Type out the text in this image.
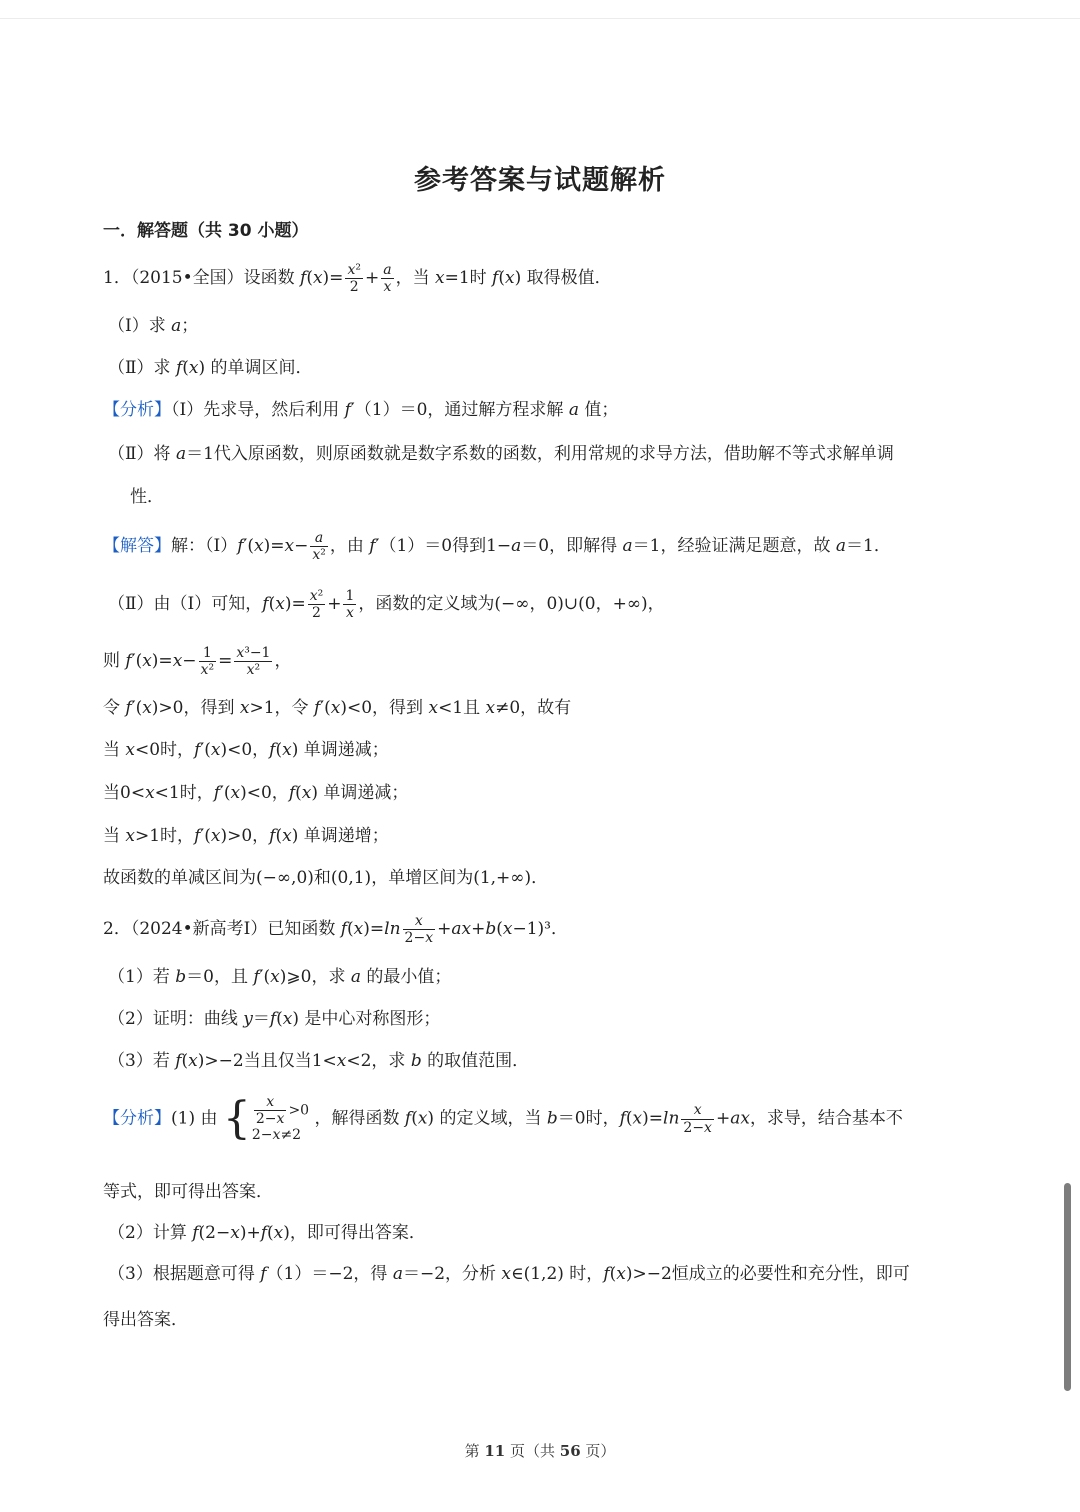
参考答案与试题解析
一．解答题（共 30 小题）
1．（2015•全国）设函数 $f(x)= \frac{\text{x²}}{2} + \frac{a}{x}$ ，当 x=1时 f(x) 取得极值．
（Ⅰ）求 a；
（Ⅱ）求 f(x) 的单调区间．
【分析】（Ⅰ）先求导，然后利用 f′（1）＝0，通过解方程求解 a 值；
（Ⅱ）将 a＝1代入原函数，则原函数就是数字系数的函数，利用常规的求导方法，借助解不等式求解单调
性．
【解答】解：（Ⅰ）f′(x)=x− $\frac{a}{\text{x²}}$ ，由 f′（1）＝0得到1−a＝0，即解得 a＝1，经验证满足题意，故 a＝1．
（Ⅱ）由（Ⅰ）可知，$f(x)= \frac{\text{x²}}{2} + \frac{1}{x}$ ，函数的定义域为(−∞，0)∪(0，+∞)，
则 $f'(x)=x- \frac{1}{\text{x²}} = \frac{\text{x³−1}}{\text{x²}}$ ，
令 f′(x)>0，得到 x>1，令 f′(x)<0，得到 x<1且 x≠0，故有
当 x<0时，f′(x)<0，f(x) 单调递减；
当0<x<1时，f′(x)<0，f(x) 单调递减；
当 x>1时，f′(x)>0，f(x) 单调递增；
故函数的单减区间为(−∞,0)和(0,1)，单增区间为(1,+∞)．
2．（2024•新高考Ⅰ）已知函数 $f(x)=\ln \frac{x}{2-x} +ax+b(x-1)^3$．
（1）若 b＝0，且 f′(x)⩾0，求 a 的最小值；
（2）证明：曲线 y＝f(x) 是中心对称图形；
（3）若 f(x)>−2当且仅当1<x<2，求 b 的取值范围．
【分析】(1) 由 { $\frac{x}{2-x} >0$
2−x≠2
，解得函数 f(x) 的定义域，当 b＝0时，$f(x)=\ln \frac{x}{2-x} +ax$，求导，结合基本不
等式，即可得出答案．
（2）计算 f(2−x)+f(x)，即可得出答案．
（3）根据题意可得 f（1）＝−2，得 a＝−2，分析 x∈(1,2) 时，f(x)>−2恒成立的必要性和充分性，即可
得出答案．
第 11 页（共 56 页）
